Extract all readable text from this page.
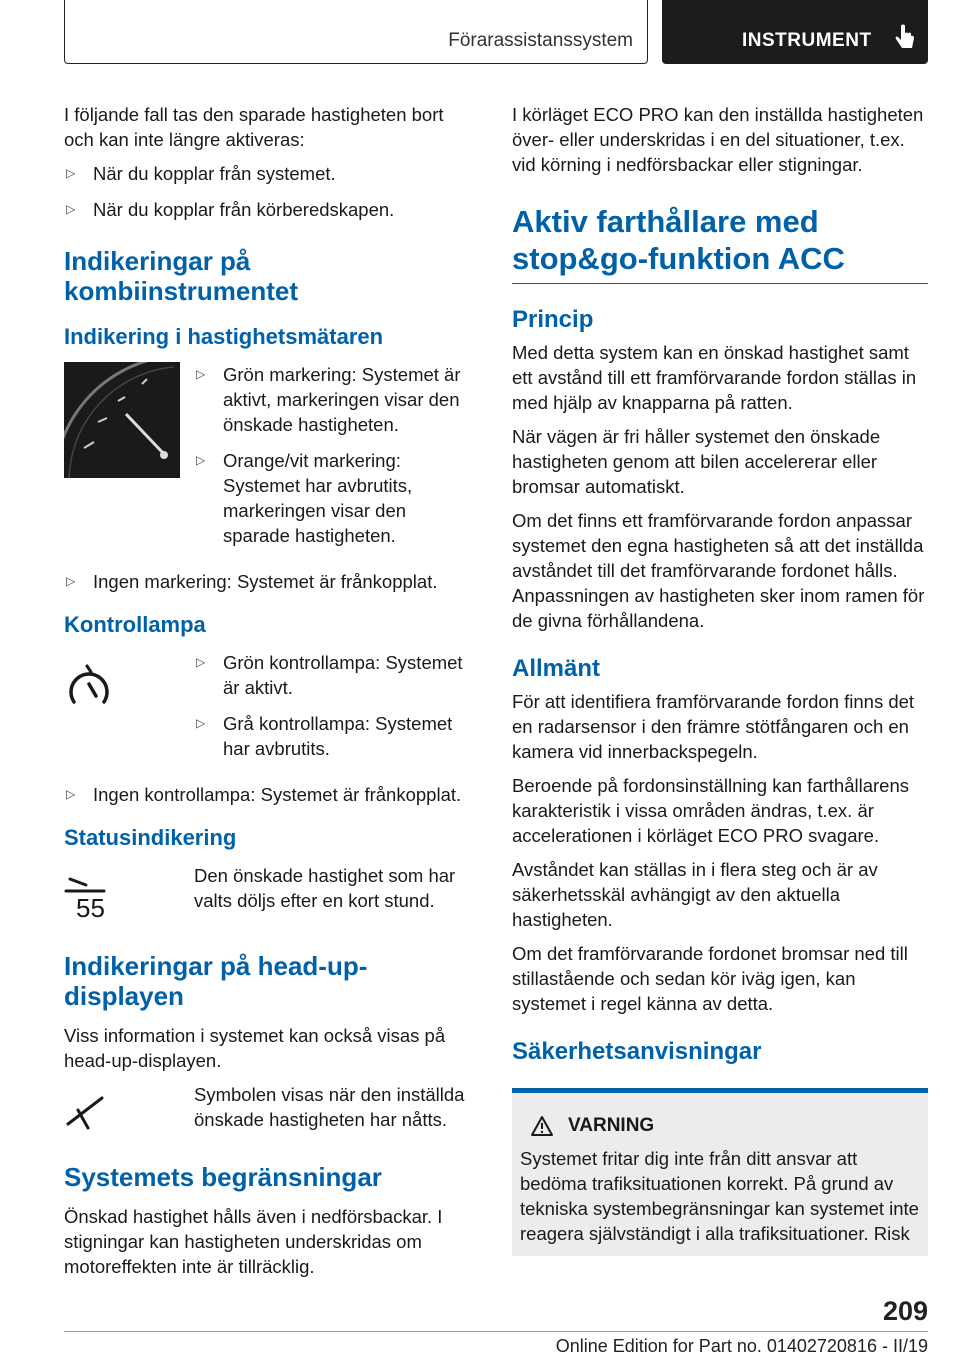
Förarassistanssystem	INSTRUMENT

I följande fall tas den sparade hastigheten bort och kan inte längre aktiveras:

▷ När du kopplar från systemet.
▷ När du kopplar från körberedskapen.
Indikeringar på kombiinstrumentet
Indikering i hastighetsmätaren
▷ Grön markering: Systemet är aktivt, markeringen visar den önskade hastigheten.
▷ Orange/vit markering: Systemet har avbrutits, markeringen visar den sparade hastigheten.
▷ Ingen markering: Systemet är frånkopplat.
Kontrollampa
▷ Grön kontrollampa: Systemet är aktivt.
▷ Grå kontrollampa: Systemet har avbrutits.
▷ Ingen kontrollampa: Systemet är frånkopplat.
Statusindikering
55
Den önskade hastighet som har valts döljs efter en kort stund.
Indikeringar på head-up-displayen

Viss information i systemet kan också visas på head-up-displayen.

Symbolen visas när den inställda önskade hastigheten har nåtts.
Systemets begränsningar

Önskad hastighet hålls även i nedförsbackar. I stigningar kan hastigheten underskridas om motoreffekten inte är tillräcklig.

I körläget ECO PRO kan den inställda hastigheten över- eller underskridas i en del situationer, t.ex. vid körning i nedförsbackar eller stigningar.

Aktiv farthållare med stop&go-funktion ACC
Princip

Med detta system kan en önskad hastighet samt ett avstånd till ett framförvarande fordon ställas in med hjälp av knapparna på ratten.

När vägen är fri håller systemet den önskade hastigheten genom att bilen accelererar eller bromsar automatiskt.

Om det finns ett framförvarande fordon anpassar systemet den egna hastigheten så att det inställda avståndet till det framförvarande fordonet hålls. Anpassningen av hastigheten sker inom ramen för de givna förhållandena.

Allmänt

För att identifiera framförvarande fordon finns det en radarsensor i den främre stötfångaren och en kamera vid innerbackspegeln.

Beroende på fordonsinställning kan farthållarens karakteristik i vissa områden ändras, t.ex. är accelerationen i körläget ECO PRO svagare.

Avståndet kan ställas in i flera steg och är av säkerhetsskäl avhängigt av den aktuella hastigheten.

Om det framförvarande fordonet bromsar ned till stillastående och sedan kör iväg igen, kan systemet i regel känna av detta.

Säkerhetsanvisningar
VARNING
Systemet fritar dig inte från ditt ansvar att bedöma trafiksituationen korrekt. På grund av tekniska systembegränsningar kan systemet inte reagera självständigt i alla trafiksituationer. Risk
209
Online Edition for Part no. 01402720816 - II/19
